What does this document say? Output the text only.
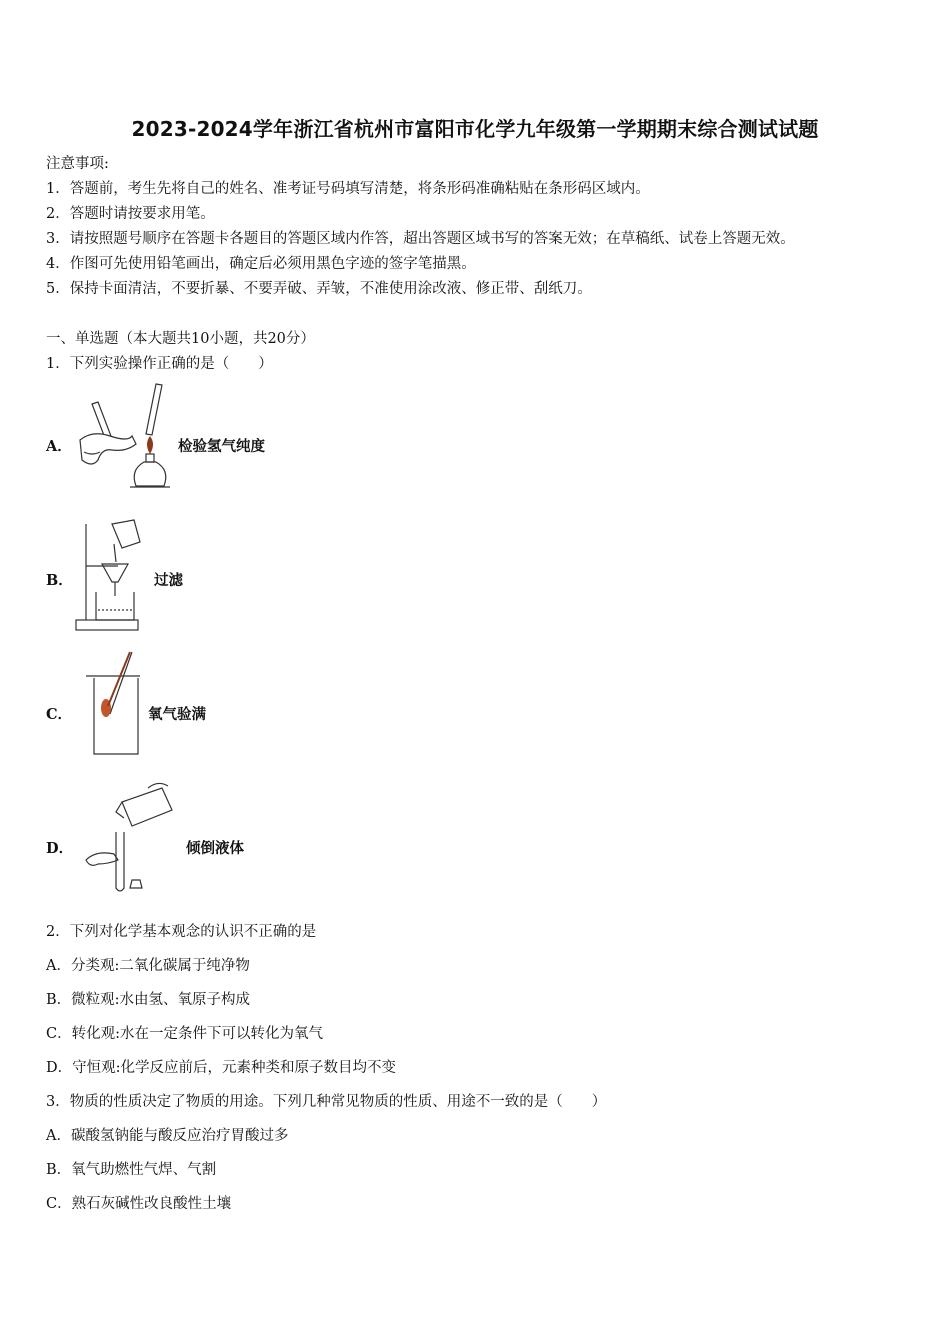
2023-2024学年浙江省杭州市富阳市化学九年级第一学期期末综合测试试题
注意事项:
1．答题前，考生先将自己的姓名、准考证号码填写清楚，将条形码准确粘贴在条形码区域内。
2．答题时请按要求用笔。
3．请按照题号顺序在答题卡各题目的答题区域内作答，超出答题区域书写的答案无效；在草稿纸、试卷上答题无效。
4．作图可先使用铅笔画出，确定后必须用黑色字迹的签字笔描黑。
5．保持卡面清洁，不要折暴、不要弄破、弄皱，不准使用涂改液、修正带、刮纸刀。
一、单选题（本大题共10小题，共20分）
1．下列实验操作正确的是（　　）
A．	检验氢气纯度
B．	过滤
C．	氧气验满
D．	倾倒液体
2．下列对化学基本观念的认识不正确的是
A．分类观:二氧化碳属于纯净物
B．微粒观:水由氢、氧原子构成
C．转化观:水在一定条件下可以转化为氧气
D．守恒观:化学反应前后，元素种类和原子数目均不变
3．物质的性质决定了物质的用途。下列几种常见物质的性质、用途不一致的是（　　）
A．碳酸氢钠能与酸反应治疗胃酸过多
B．氧气助燃性气焊、气割
C．熟石灰碱性改良酸性土壤
